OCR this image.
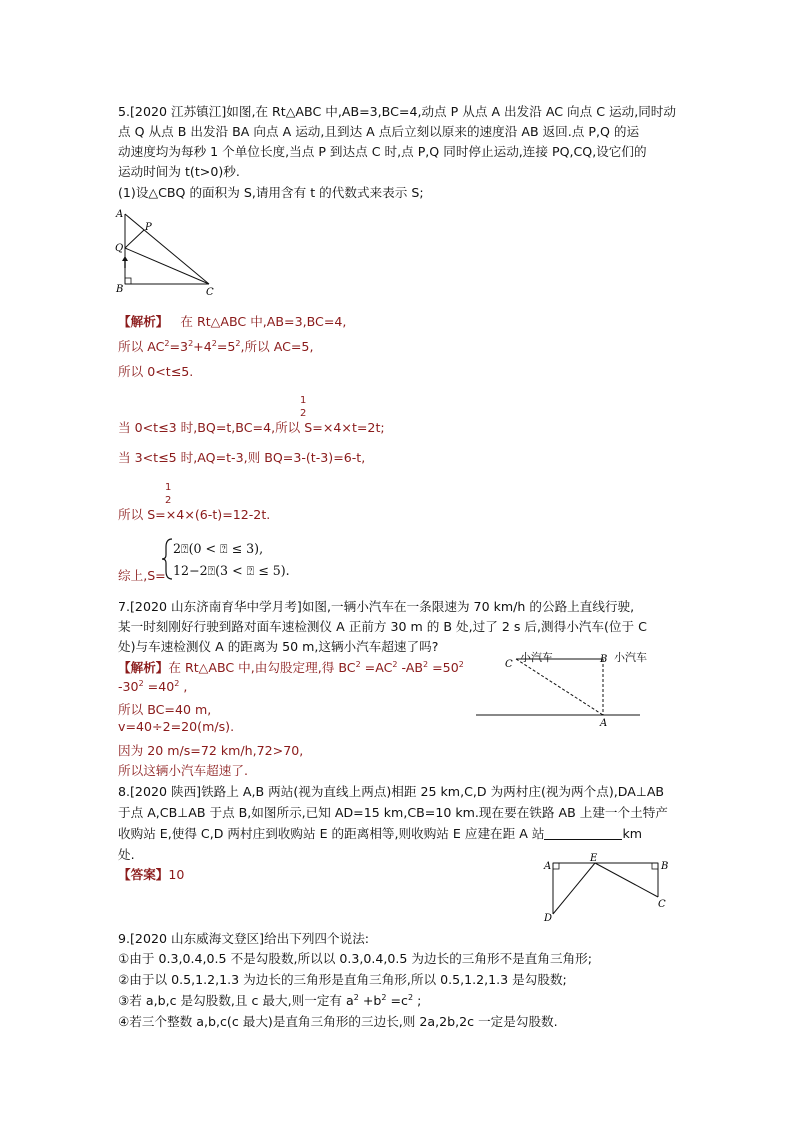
5.[2020 江苏镇江]如图,在 Rt△ABC 中,AB=3,BC=4,动点 P 从点 A 出发沿 AC 向点 C 运动,同时动
点 Q 从点 B 出发沿 BA 向点 A 运动,且到达 A 点后立刻以原来的速度沿 AB 返回.点 P,Q 的运
动速度均为每秒 1 个单位长度,当点 P 到达点 C 时,点 P,Q 同时停止运动,连接 PQ,CQ,设它们的
运动时间为 t(t>0)秒.
(1)设△CBQ 的面积为 S,请用含有 t 的代数式来表示 S;
A
P
Q
B	C
【解析】 在 Rt△ABC 中,AB=3,BC=4,
所以 $AC^2=3^2+4^2=5^2$,所以 AC=5,
所以 0<t≤5.
1
2
当 0<t≤3 时,BQ=t,BC=4,所以 S=×4×t=2t;
当 3<t≤5 时,AQ=t-3,则 BQ=3-(t-3)=6-t,
1
2
所以 S=×4×(6-t)=12-2t.
综上,S=
2⍰(0 < ⍰ ≤ 3),
12−2⍰(3 < ⍰ ≤ 5).
7.[2020 山东济南育华中学月考]如图,一辆小汽车在一条限速为 70 km/h 的公路上直线行驶,
某一时刻刚好行驶到路对面车速检测仪 A 正前方 30 m 的 B 处,过了 2 s 后,测得小汽车(位于 C
处)与车速检测仪 A 的距离为 50 m,这辆小汽车超速了吗?
【解析】在 Rt△ABC 中,由勾股定理,得 $BC^2 =AC^2$ $-AB^2 =50^2$
$-30^2 =40^2$ ,
所以 BC=40 m,
v=40÷2=20(m/s).
因为 20 m/s=72 km/h,72>70,
所以这辆小汽车超速了.
C
A
B
小汽车	小汽车
8.[2020 陕西]铁路上 A,B 两站(视为直线上两点)相距 25 km,C,D 为两村庄(视为两个点),DA⊥AB
于点 A,CB⊥AB 于点 B,如图所示,已知 AD=15 km,CB=10 km.现在要在铁路 AB 上建一个土特产
收购站 E,使得 C,D 两村庄到收购站 E 的距离相等,则收购站 E 应建在距 A 站	km
处.
【答案】10
A
E
B
D
C
9.[2020 山东威海文登区]给出下列四个说法:
①由于 0.3,0.4,0.5 不是勾股数,所以以 0.3,0.4,0.5 为边长的三角形不是直角三角形;
②由于以 0.5,1.2,1.3 为边长的三角形是直角三角形,所以 0.5,1.2,1.3 是勾股数;
③若 a,b,c 是勾股数,且 c 最大,则一定有 $a^2 +b^2 =c^2$ ;
④若三个整数 a,b,c(c 最大)是直角三角形的三边长,则 2a,2b,2c 一定是勾股数.
